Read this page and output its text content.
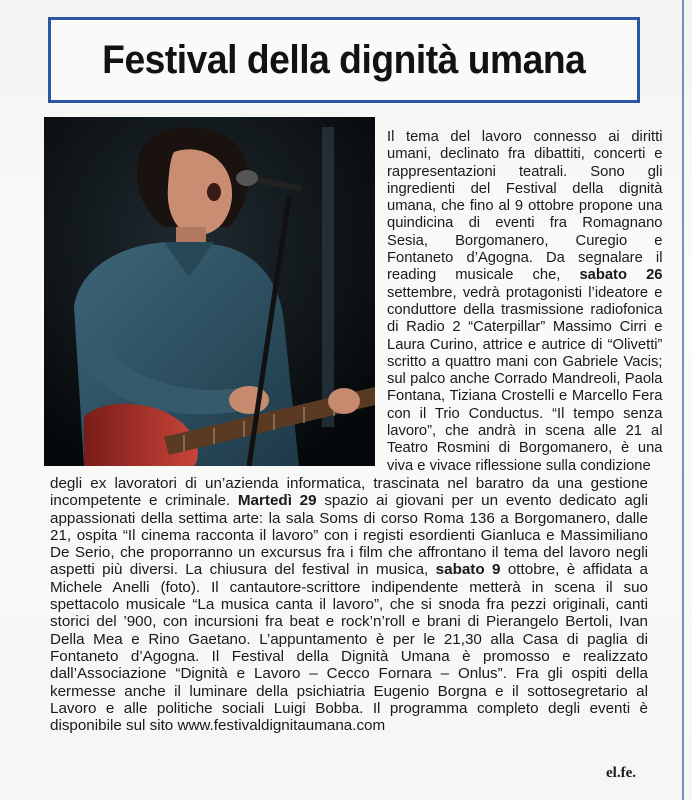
Festival della dignità umana

Il tema del lavoro connesso ai diritti umani, declinato fra dibattiti, concerti e rappresentazioni teatrali. Sono gli ingredienti del Festival della dignità umana, che fino al 9 ottobre propone una quindicina di eventi fra Romagnano Sesia, Borgomanero, Curegio e Fontaneto d’Agogna. Da segnalare il reading musicale che, sabato 26 settembre, vedrà protagonisti l’ideatore e conduttore della trasmissione radiofonica di Radio 2 “Caterpillar” Massimo Cirri e Laura Curino, attrice e autrice di “Olivetti” scritto a quattro mani con Gabriele Vacis; sul palco anche Corrado Mandreoli, Paola Fontana, Tiziana Crostelli e Marcello Fera con il Trio Conductus. “Il tempo senza lavoro”, che andrà in scena alle 21 al Teatro Rosmini di Borgomanero, è una viva e vivace riflessione sulla condizione

degli ex lavoratori di un’azienda informatica, trascinata nel baratro da una gestione incompetente e criminale. Martedì 29 spazio ai giovani per un evento dedicato agli appassionati della settima arte: la sala Soms di corso Roma 136 a Borgomanero, dalle 21, ospita “Il cinema racconta il lavoro” con i registi esordienti Gianluca e Massimiliano De Serio, che proporranno un excursus fra i film che affrontano il tema del lavoro negli aspetti più diversi. La chiusura del festival in musica, sabato 9 ottobre, è affidata a Michele Anelli (foto). Il cantautore-scrittore indipendente metterà in scena il suo spettacolo musicale “La musica canta il lavoro”, che si snoda fra pezzi originali, canti storici del ’900, con incursioni fra beat e rock’n’roll e brani di Pierangelo Bertoli, Ivan Della Mea e Rino Gaetano. L’appuntamento è per le 21,30 alla Casa di paglia di Fontaneto d’Agogna. Il Festival della Dignità Umana è promosso e realizzato dall’Associazione “Dignità e Lavoro – Cecco Fornara – Onlus”. Fra gli ospiti della kermesse anche il luminare della psichiatria Eugenio Borgna e il sottosegretario al Lavoro e alle politiche sociali Luigi Bobba. Il programma completo degli eventi è disponibile sul sito www.festivaldignitaumana.com

el.fe.
